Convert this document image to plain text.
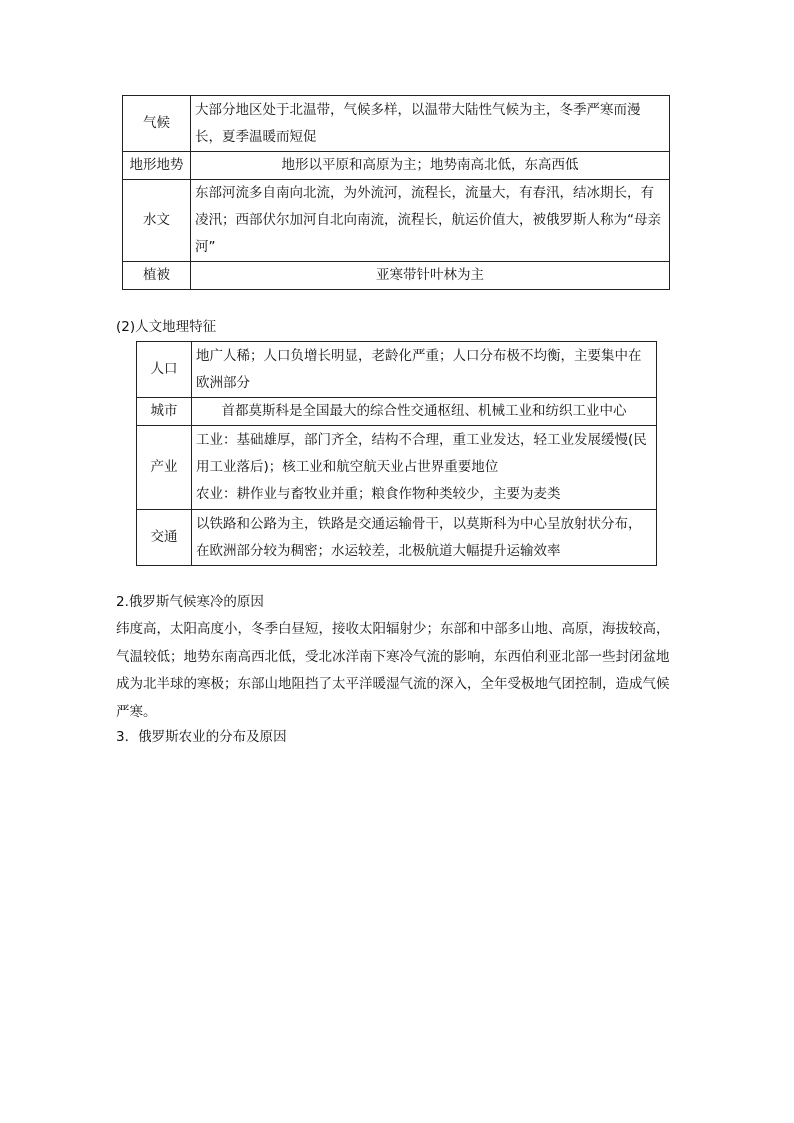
气候	大部分地区处于北温带，气候多样，以温带大陆性气候为主，冬季严寒而漫长，夏季温暖而短促
地形地势	地形以平原和高原为主；地势南高北低，东高西低
水文	东部河流多自南向北流，为外流河，流程长，流量大，有春汛，结冰期长，有凌汛；西部伏尔加河自北向南流，流程长，航运价值大，被俄罗斯人称为“母亲河”
植被	亚寒带针叶林为主

(2)人文地理特征

人口	地广人稀；人口负增长明显，老龄化严重；人口分布极不均衡，主要集中在欧洲部分
城市	首都莫斯科是全国最大的综合性交通枢纽、机械工业和纺织工业中心
产业	工业：基础雄厚，部门齐全，结构不合理，重工业发达，轻工业发展缓慢(民用工业落后)；核工业和航空航天业占世界重要地位
农业：耕作业与畜牧业并重；粮食作物种类较少，主要为麦类

交通	以铁路和公路为主，铁路是交通运输骨干，以莫斯科为中心呈放射状分布，在欧洲部分较为稠密；水运较差，北极航道大幅提升运输效率

2.俄罗斯气候寒冷的原因

纬度高，太阳高度小，冬季白昼短，接收太阳辐射少；东部和中部多山地、高原，海拔较高，气温较低；地势东南高西北低，受北冰洋南下寒冷气流的影响，东西伯利亚北部一些封闭盆地成为北半球的寒极；东部山地阻挡了太平洋暖湿气流的深入，全年受极地气团控制，造成气候严寒。

3．俄罗斯农业的分布及原因
